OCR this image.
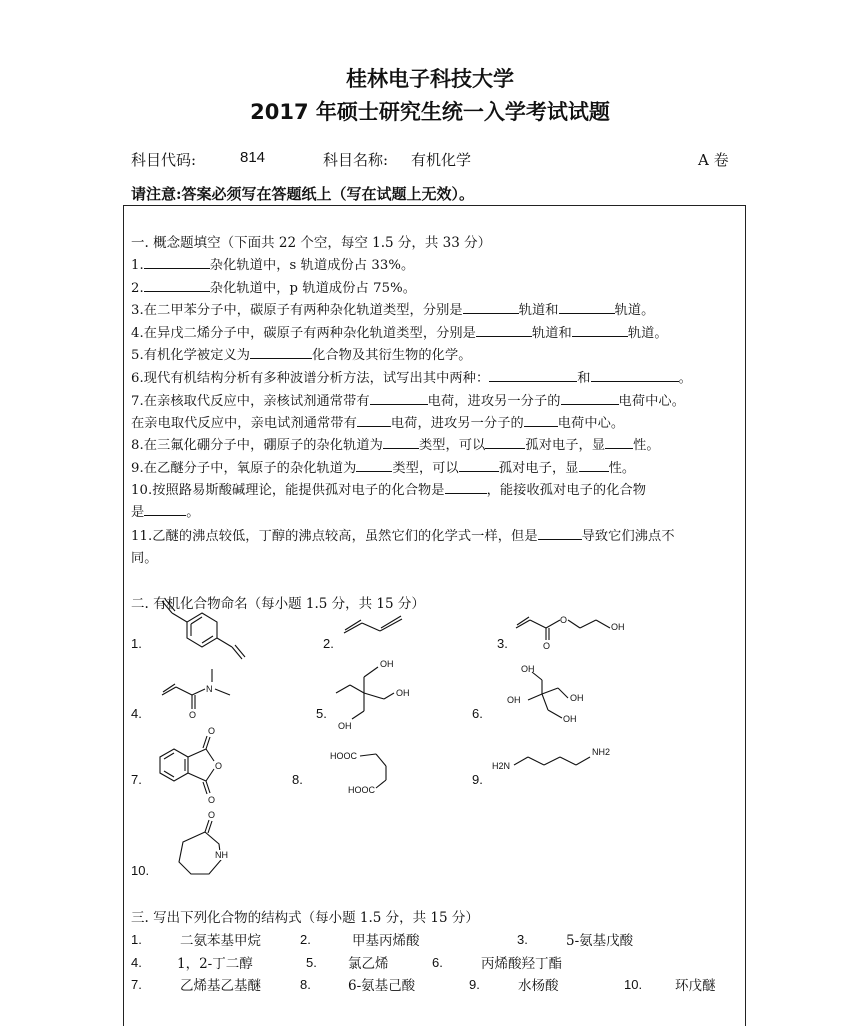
桂林电子科技大学
2017 年硕士研究生统一入学考试试题
科目代码:	814	科目名称: 有机化学	A 卷
请注意:答案必须写在答题纸上（写在试题上无效）。
一. 概念题填空（下面共 22 个空，每空 1.5 分，共 33 分）
1.	杂化轨道中，s 轨道成份占 33%。
2.	杂化轨道中，p 轨道成份占 75%。
3.在二甲苯分子中，碳原子有两种杂化轨道类型，分别是	轨道和	轨道。
4.在异戊二烯分子中，碳原子有两种杂化轨道类型，分别是	轨道和	轨道。
5.有机化学被定义为	化合物及其衍生物的化学。
6.现代有机结构分析有多种波谱分析方法，试写出其中两种：	和	。
7.在亲核取代反应中，亲核试剂通常带有	电荷，进攻另一分子的	电荷中心。
在亲电取代反应中，亲电试剂通常带有	电荷，进攻另一分子的	电荷中心。
8.在三氟化硼分子中，硼原子的杂化轨道为	类型，可以	孤对电子，显 性。
9.在乙醚分子中，氧原子的杂化轨道为	类型，可以	孤对电子，显 性。
10.按照路易斯酸碱理论，能提供孤对电子的化合物是	，能接收孤对电子的化合物
是	。
11.乙醚的沸点较低，丁醇的沸点较高，虽然它们的化学式一样，但是	导致它们沸点不
同。
二. 有机化合物命名（每小题 1.5 分，共 15 分）
1.	2.	3.
4.	5.	6.
7.	8.	9.
10.
O
O
OH
O
N
OH
OH
OH
OH
OH
OH
OH
O
O
O
HOOC
HOOC
H2N
NH2
O
NH
三. 写出下列化合物的结构式（每小题 1.5 分，共 15 分）
1.	二氨苯基甲烷	2.	甲基丙烯酸	3.	5-氨基戊酸
4.	1，2-丁二醇	5. 氯乙烯	6.	丙烯酸羟丁酯
7.	乙烯基乙基醚	8.	6-氨基己酸	9.	水杨酸	10. 环戊醚
